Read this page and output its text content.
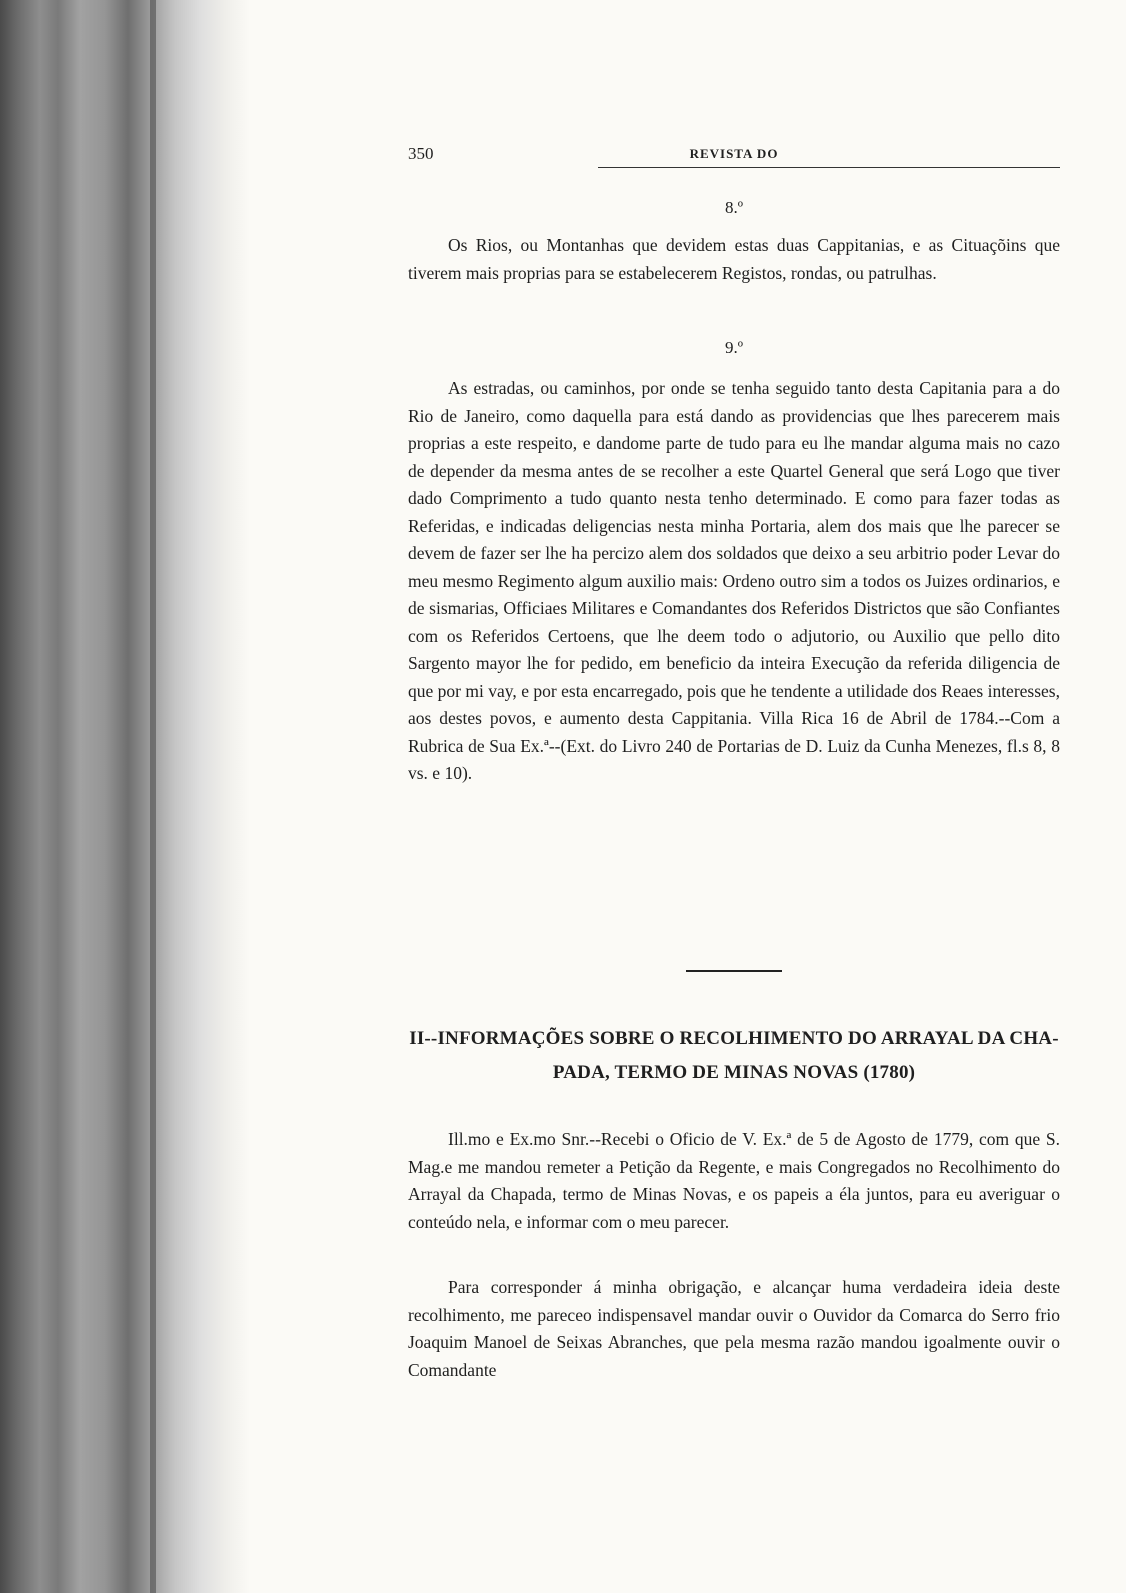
350	REVISTA DO
8.º

Os Rios, ou Montanhas que devidem estas duas Cappitanias, e as Cituaçõins que tiverem mais proprias para se estabelecerem Registos, rondas, ou patrulhas.

9.º

As estradas, ou caminhos, por onde se tenha seguido tanto desta Capitania para a do Rio de Janeiro, como daquella para está dando as providencias que lhes parecerem mais proprias a este respeito, e dandome parte de tudo para eu lhe mandar alguma mais no cazo de depender da mesma antes de se recolher a este Quartel General que será Logo que tiver dado Comprimento a tudo quanto nesta tenho determinado. E como para fazer todas as Referidas, e indicadas deligencias nesta minha Portaria, alem dos mais que lhe parecer se devem de fazer ser lhe ha percizo alem dos soldados que deixo a seu arbitrio poder Levar do meu mesmo Regimento algum auxilio mais: Ordeno outro sim a todos os Juizes ordinarios, e de sismarias, Officiaes Militares e Comandantes dos Referidos Districtos que são Confiantes com os Referidos Certoens, que lhe deem todo o adjutorio, ou Auxilio que pello dito Sargento mayor lhe for pedido, em beneficio da inteira Execução da referida diligencia de que por mi vay, e por esta encarregado, pois que he tendente a utilidade dos Reaes interesses, aos destes povos, e aumento desta Cappitania. Villa Rica 16 de Abril de 1784.--Com a Rubrica de Sua Ex.ª--(Ext. do Livro 240 de Portarias de D. Luiz da Cunha Menezes, fl.s 8, 8 vs. e 10).

II--INFORMAÇÕES SOBRE O RECOLHIMENTO DO ARRAYAL DA CHA-
PADA, TERMO DE MINAS NOVAS (1780)

Ill.mo e Ex.mo Snr.--Recebi o Oficio de V. Ex.ª de 5 de Agosto de 1779, com que S. Mag.e me mandou remeter a Petição da Regente, e mais Congregados no Recolhimento do Arrayal da Chapada, termo de Minas Novas, e os papeis a éla juntos, para eu averiguar o conteúdo nela, e informar com o meu parecer.

Para corresponder á minha obrigação, e alcançar huma verdadeira ideia deste recolhimento, me pareceo indispensavel mandar ouvir o Ouvidor da Comarca do Serro frio Joaquim Manoel de Seixas Abranches, que pela mesma razão mandou igoalmente ouvir o Comandante
